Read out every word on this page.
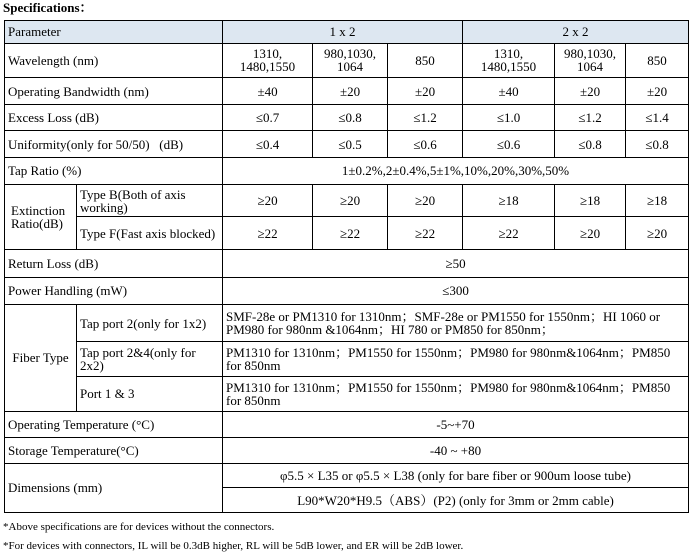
Specifications：
Parameter		1 x 2			2 x 2		
Wavelength (nm)		1310, 1480,1550	980,1030, 1064	850	1310, 1480,1550	980,1030, 1064	850
Operating Bandwidth (nm)		±40	±20	±20	±40	±20	±20
Excess Loss (dB)		≤0.7	≤0.8	≤1.2	≤1.0	≤1.2	≤1.4
Uniformity(only for 50/50)   (dB)		≤0.4	≤0.5	≤0.6	≤0.6	≤0.8	≤0.8
Tap Ratio (%)		1±0.2%,2±0.4%,5±1%,10%,20%,30%,50%					
Extinction Ratio(dB)	Type B(Both of axis working)	≥20	≥20	≥20	≥18	≥18	≥18
	Type F(Fast axis blocked)	≥22	≥22	≥22	≥22	≥20	≥20
Return Loss (dB)		≥50					
Power Handling (mW)		≤300					
Fiber Type	Tap port 2(only for 1x2)	SMF-28e or PM1310 for 1310nm；SMF-28e or PM1550 for 1550nm；HI 1060 or PM980 for 980nm &1064nm；HI 780 or PM850 for 850nm；					
	Tap port 2&4(only for 2x2)	PM1310 for 1310nm；PM1550 for 1550nm；PM980 for 980nm&1064nm；PM850 for 850nm					
	Port 1 & 3	PM1310 for 1310nm；PM1550 for 1550nm；PM980 for 980nm&1064nm；PM850 for 850nm					
Operating Temperature (°C)		-5~+70					
Storage Temperature(°C)		-40 ~ +80					
Dimensions (mm)		φ5.5 × L35 or φ5.5 × L38 (only for bare fiber or 900um loose tube)					
		L90*W20*H9.5（ABS）(P2) (only for 3mm or 2mm cable)					
*Above specifications are for devices without the connectors.
*For devices with connectors, IL will be 0.3dB higher, RL will be 5dB lower, and ER will be 2dB lower.
